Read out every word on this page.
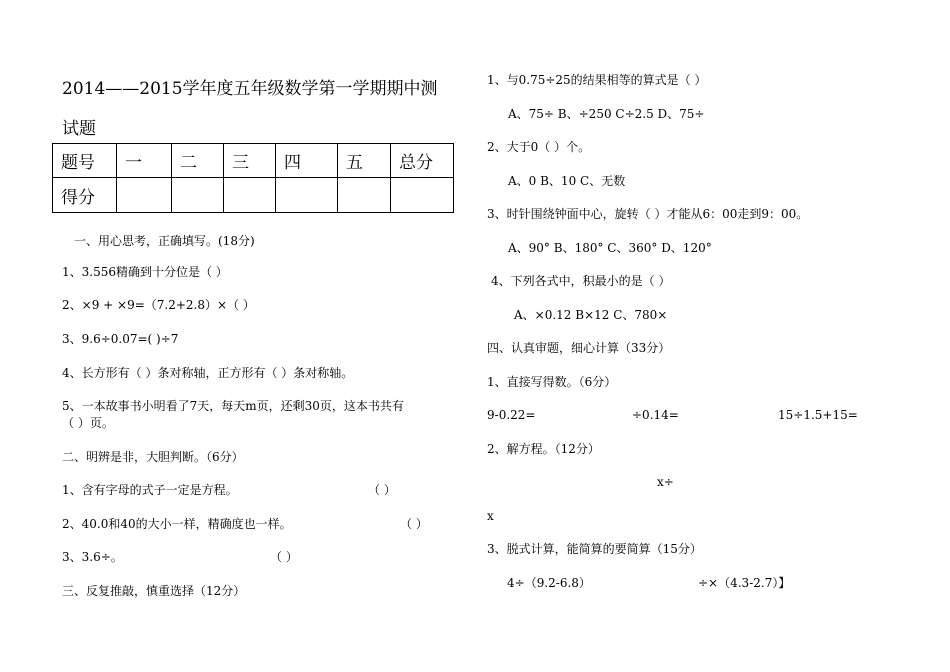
2014——2015学年度五年级数学第一学期期中测
试题
题号	一	二	三	四	五	总分
得分						
一、用心思考，正确填写。(18分)
1、3.556精确到十分位是（ ）
2、×9 + ×9=（7.2+2.8）×（ ）
3、9.6÷0.07=( )÷7
4、长方形有（ ）条对称轴，正方形有（ ）条对称轴。
5、一本故事书小明看了7天，每天m页，还剩30页，这本书共有
（ ）页。
二、明辨是非，大胆判断。（6分）
1、含有字母的式子一定是方程。	（ ）
2、40.0和40的大小一样，精确度也一样。	（ ）
3、3.6÷。	（ ）
三、反复推敲，慎重选择（12分）
1、与0.75÷25的结果相等的算式是（ ）
A、75÷ B、÷250 C÷2.5 D、75÷
2、大于0（ ）个。
A、0 B、10 C、无数
3、时针围绕钟面中心，旋转（ ）才能从6：00走到9：00。
A、90° B、180° C、360° D、120°
4、下列各式中，积最小的是（ ）
A、×0.12 B×12 C、780×
四、认真审题，细心计算（33分）
1、直接写得数。（6分）
9-0.22=	÷0.14=	15÷1.5+15=
2、解方程。（12分）
x÷
x
3、脱式计算，能简算的要简算（15分）
4÷（9.2-6.8）	÷×（4.3-2.7）】
